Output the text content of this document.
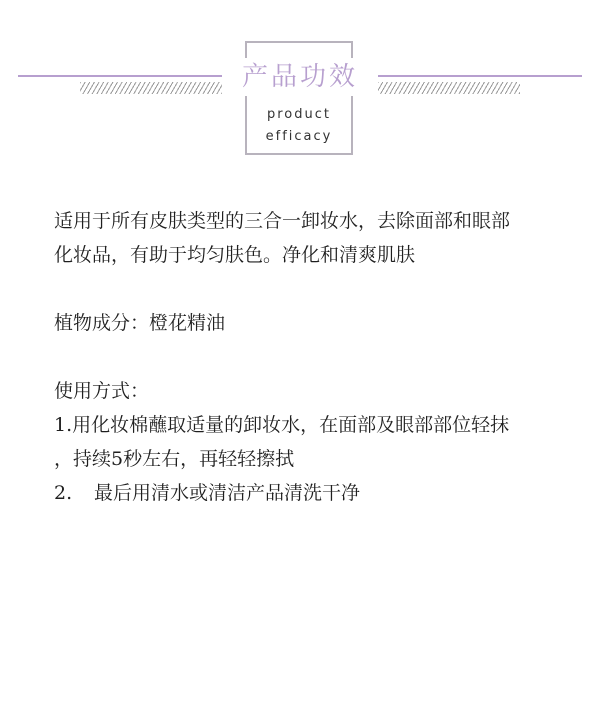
产品功效
product
efficacy

适用于所有皮肤类型的三合一卸妆水，去除面部和眼部

化妆品，有助于均匀肤色。净化和清爽肌肤

植物成分：橙花精油

使用方式：

1.用化妆棉蘸取适量的卸妆水，在面部及眼部部位轻抹

，持续5秒左右，再轻轻擦拭

2. 最后用清水或清洁产品清洗干净
